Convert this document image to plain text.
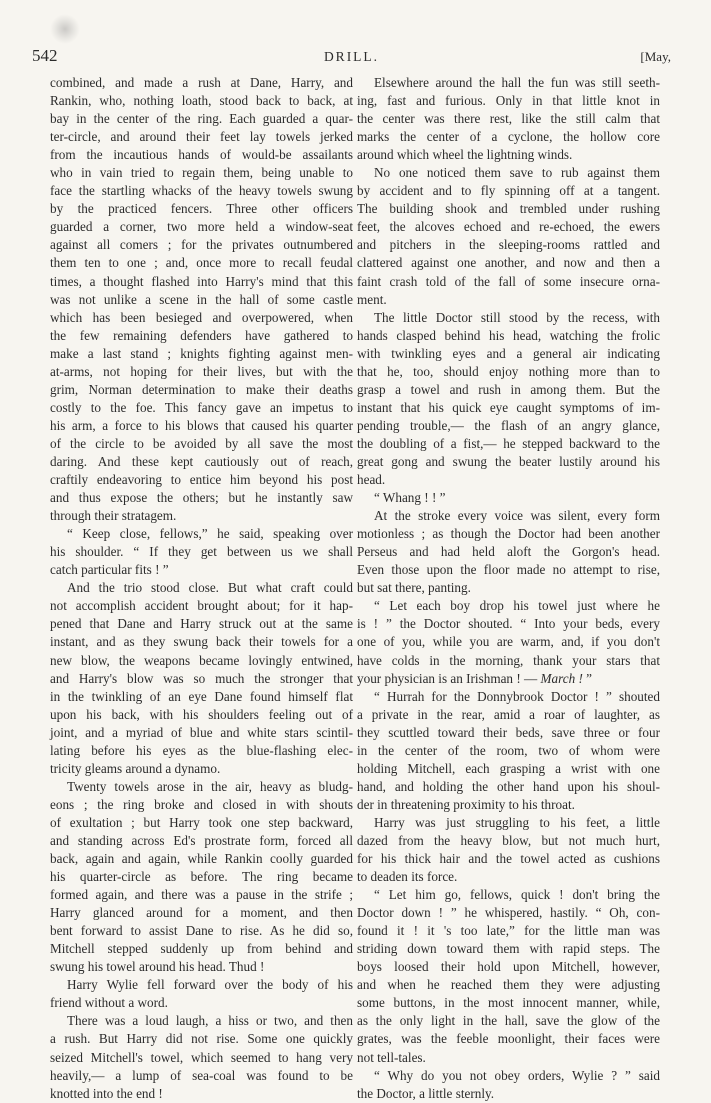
542	DRILL.	[May,
combined, and made a rush at Dane, Harry, and
Rankin, who, nothing loath, stood back to back, at
bay in the center of the ring. Each guarded a quar-
ter-circle, and around their feet lay towels jerked
from the incautious hands of would-be assailants
who in vain tried to regain them, being unable to
face the startling whacks of the heavy towels swung
by the practiced fencers. Three other officers
guarded a corner, two more held a window-seat
against all comers ; for the privates outnumbered
them ten to one ; and, once more to recall feudal
times, a thought flashed into Harry's mind that this
was not unlike a scene in the hall of some castle
which has been besieged and overpowered, when
the few remaining defenders have gathered to
make a last stand ; knights fighting against men-
at-arms, not hoping for their lives, but with the
grim, Norman determination to make their deaths
costly to the foe. This fancy gave an impetus to
his arm, a force to his blows that caused his quarter
of the circle to be avoided by all save the most
daring. And these kept cautiously out of reach,
craftily endeavoring to entice him beyond his post
and thus expose the others; but he instantly saw
through their stratagem.
“ Keep close, fellows,” he said, speaking over
his shoulder. “ If they get between us we shall
catch particular fits ! ”
And the trio stood close. But what craft could
not accomplish accident brought about; for it hap-
pened that Dane and Harry struck out at the same
instant, and as they swung back their towels for a
new blow, the weapons became lovingly entwined,
and Harry's blow was so much the stronger that
in the twinkling of an eye Dane found himself flat
upon his back, with his shoulders feeling out of
joint, and a myriad of blue and white stars scintil-
lating before his eyes as the blue-flashing elec-
tricity gleams around a dynamo.
Twenty towels arose in the air, heavy as bludg-
eons ; the ring broke and closed in with shouts
of exultation ; but Harry took one step backward,
and standing across Ed's prostrate form, forced all
back, again and again, while Rankin coolly guarded
his quarter-circle as before. The ring became
formed again, and there was a pause in the strife ;
Harry glanced around for a moment, and then
bent forward to assist Dane to rise. As he did so,
Mitchell stepped suddenly up from behind and
swung his towel around his head. Thud !
Harry Wylie fell forward over the body of his
friend without a word.
There was a loud laugh, a hiss or two, and then
a rush. But Harry did not rise. Some one quickly
seized Mitchell's towel, which seemed to hang very
heavily,— a lump of sea-coal was found to be
knotted into the end !
Elsewhere around the hall the fun was still seeth-
ing, fast and furious. Only in that little knot in
the center was there rest, like the still calm that
marks the center of a cyclone, the hollow core
around which wheel the lightning winds.
No one noticed them save to rub against them
by accident and to fly spinning off at a tangent.
The building shook and trembled under rushing
feet, the alcoves echoed and re-echoed, the ewers
and pitchers in the sleeping-rooms rattled and
clattered against one another, and now and then a
faint crash told of the fall of some insecure orna-
ment.
The little Doctor still stood by the recess, with
hands clasped behind his head, watching the frolic
with twinkling eyes and a general air indicating
that he, too, should enjoy nothing more than to
grasp a towel and rush in among them. But the
instant that his quick eye caught symptoms of im-
pending trouble,— the flash of an angry glance,
the doubling of a fist,— he stepped backward to the
great gong and swung the beater lustily around his
head.
“ Whang ! ! ”
At the stroke every voice was silent, every form
motionless ; as though the Doctor had been another
Perseus and had held aloft the Gorgon's head.
Even those upon the floor made no attempt to rise,
but sat there, panting.
“ Let each boy drop his towel just where he
is ! ” the Doctor shouted. “ Into your beds, every
one of you, while you are warm, and, if you don't
have colds in the morning, thank your stars that
your physician is an Irishman ! — March ! ”
“ Hurrah for the Donnybrook Doctor ! ” shouted
a private in the rear, amid a roar of laughter, as
they scuttled toward their beds, save three or four
in the center of the room, two of whom were
holding Mitchell, each grasping a wrist with one
hand, and holding the other hand upon his shoul-
der in threatening proximity to his throat.
Harry was just struggling to his feet, a little
dazed from the heavy blow, but not much hurt,
for his thick hair and the towel acted as cushions
to deaden its force.
“ Let him go, fellows, quick ! don't bring the
Doctor down ! ” he whispered, hastily. “ Oh, con-
found it ! it 's too late,” for the little man was
striding down toward them with rapid steps. The
boys loosed their hold upon Mitchell, however,
and when he reached them they were adjusting
some buttons, in the most innocent manner, while,
as the only light in the hall, save the glow of the
grates, was the feeble moonlight, their faces were
not tell-tales.
“ Why do you not obey orders, Wylie ? ” said
the Doctor, a little sternly.
